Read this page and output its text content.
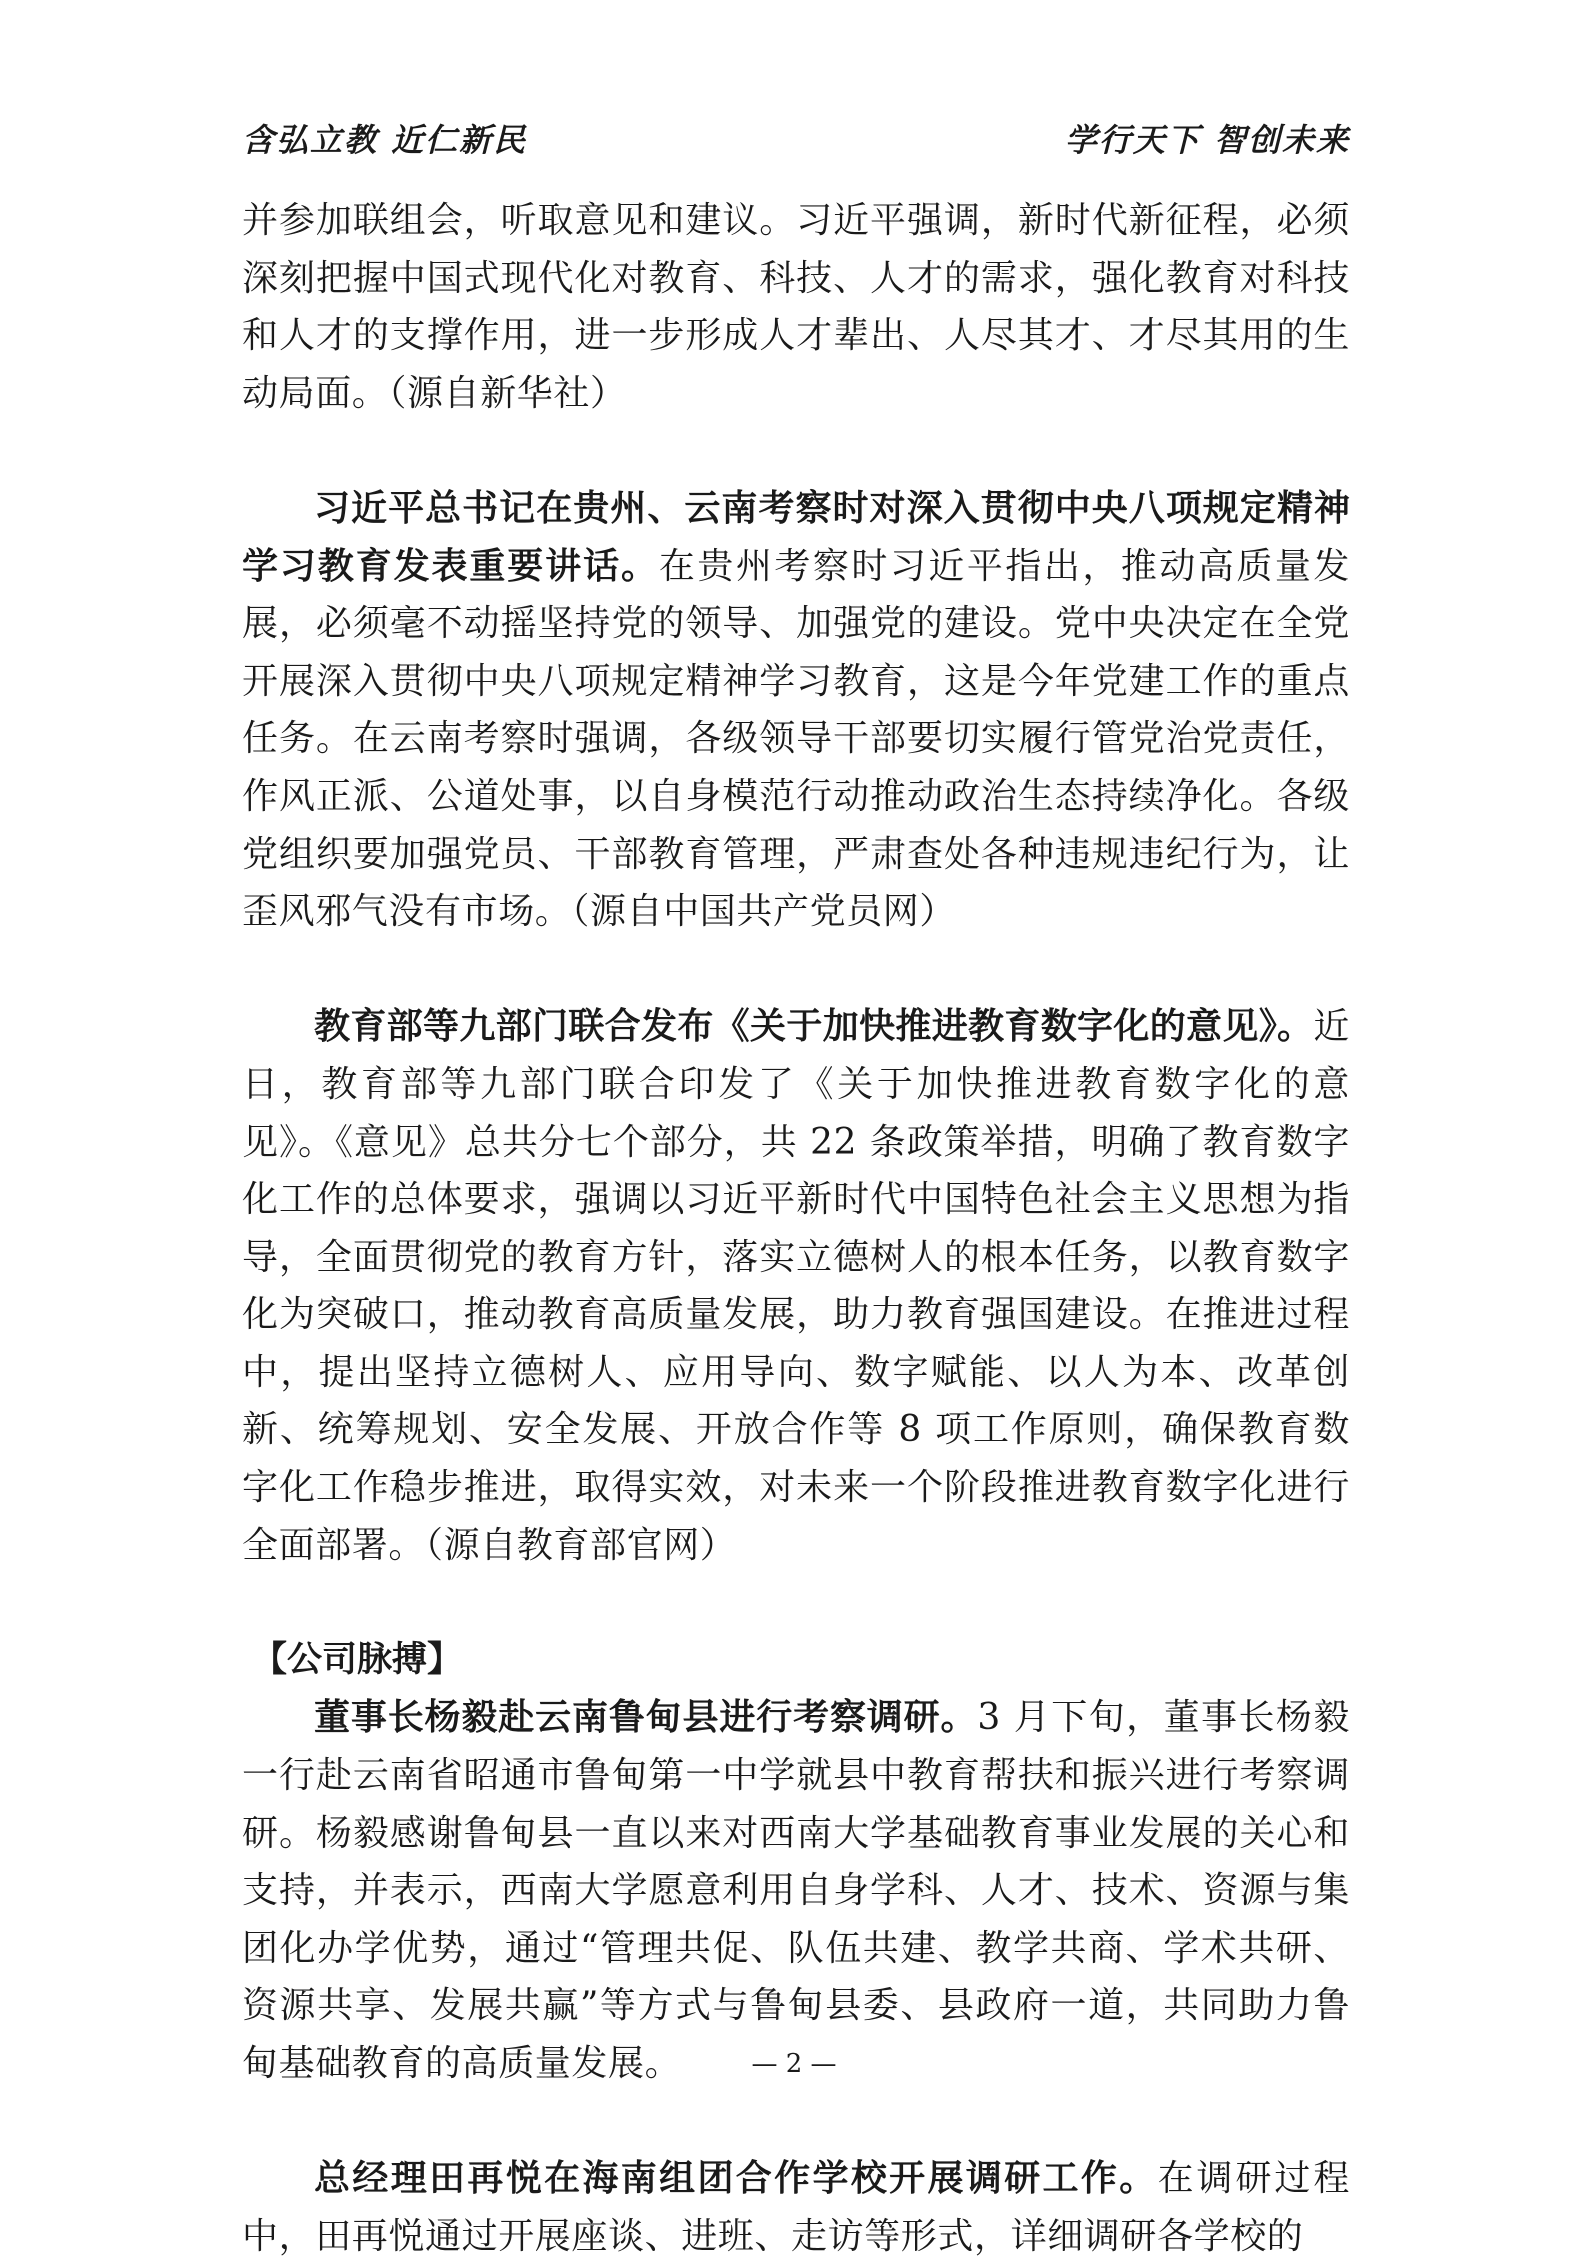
含弘立教 近仁新民	学行天下 智创未来

并参加联组会，听取意见和建议。习近平强调，新时代新征程，必须深刻把握中国式现代化对教育、科技、人才的需求，强化教育对科技和人才的支撑作用，进一步形成人才辈出、人尽其才、才尽其用的生动局面。（源自新华社）

习近平总书记在贵州、云南考察时对深入贯彻中央八项规定精神学习教育发表重要讲话。在贵州考察时习近平指出，推动高质量发展，必须毫不动摇坚持党的领导、加强党的建设。党中央决定在全党开展深入贯彻中央八项规定精神学习教育，这是今年党建工作的重点任务。在云南考察时强调，各级领导干部要切实履行管党治党责任，作风正派、公道处事，以自身模范行动推动政治生态持续净化。各级党组织要加强党员、干部教育管理，严肃查处各种违规违纪行为，让歪风邪气没有市场。（源自中国共产党员网）

教育部等九部门联合发布《关于加快推进教育数字化的意见》。近日，教育部等九部门联合印发了《关于加快推进教育数字化的意见》。《意见》总共分七个部分，共 22 条政策举措，明确了教育数字化工作的总体要求，强调以习近平新时代中国特色社会主义思想为指导，全面贯彻党的教育方针，落实立德树人的根本任务，以教育数字化为突破口，推动教育高质量发展，助力教育强国建设。在推进过程中，提出坚持立德树人、应用导向、数字赋能、以人为本、改革创新、统筹规划、安全发展、开放合作等 8 项工作原则，确保教育数字化工作稳步推进，取得实效，对未来一个阶段推进教育数字化进行全面部署。（源自教育部官网）

【公司脉搏】

董事长杨毅赴云南鲁甸县进行考察调研。3 月下旬，董事长杨毅一行赴云南省昭通市鲁甸第一中学就县中教育帮扶和振兴进行考察调研。杨毅感谢鲁甸县一直以来对西南大学基础教育事业发展的关心和支持，并表示，西南大学愿意利用自身学科、人才、技术、资源与集团化办学优势，通过“管理共促、队伍共建、教学共商、学术共研、资源共享、发展共赢”等方式与鲁甸县委、县政府一道，共同助力鲁甸基础教育的高质量发展。

总经理田再悦在海南组团合作学校开展调研工作。在调研过程中，田再悦通过开展座谈、进班、走访等形式，详细调研各学校的

— 2 —
